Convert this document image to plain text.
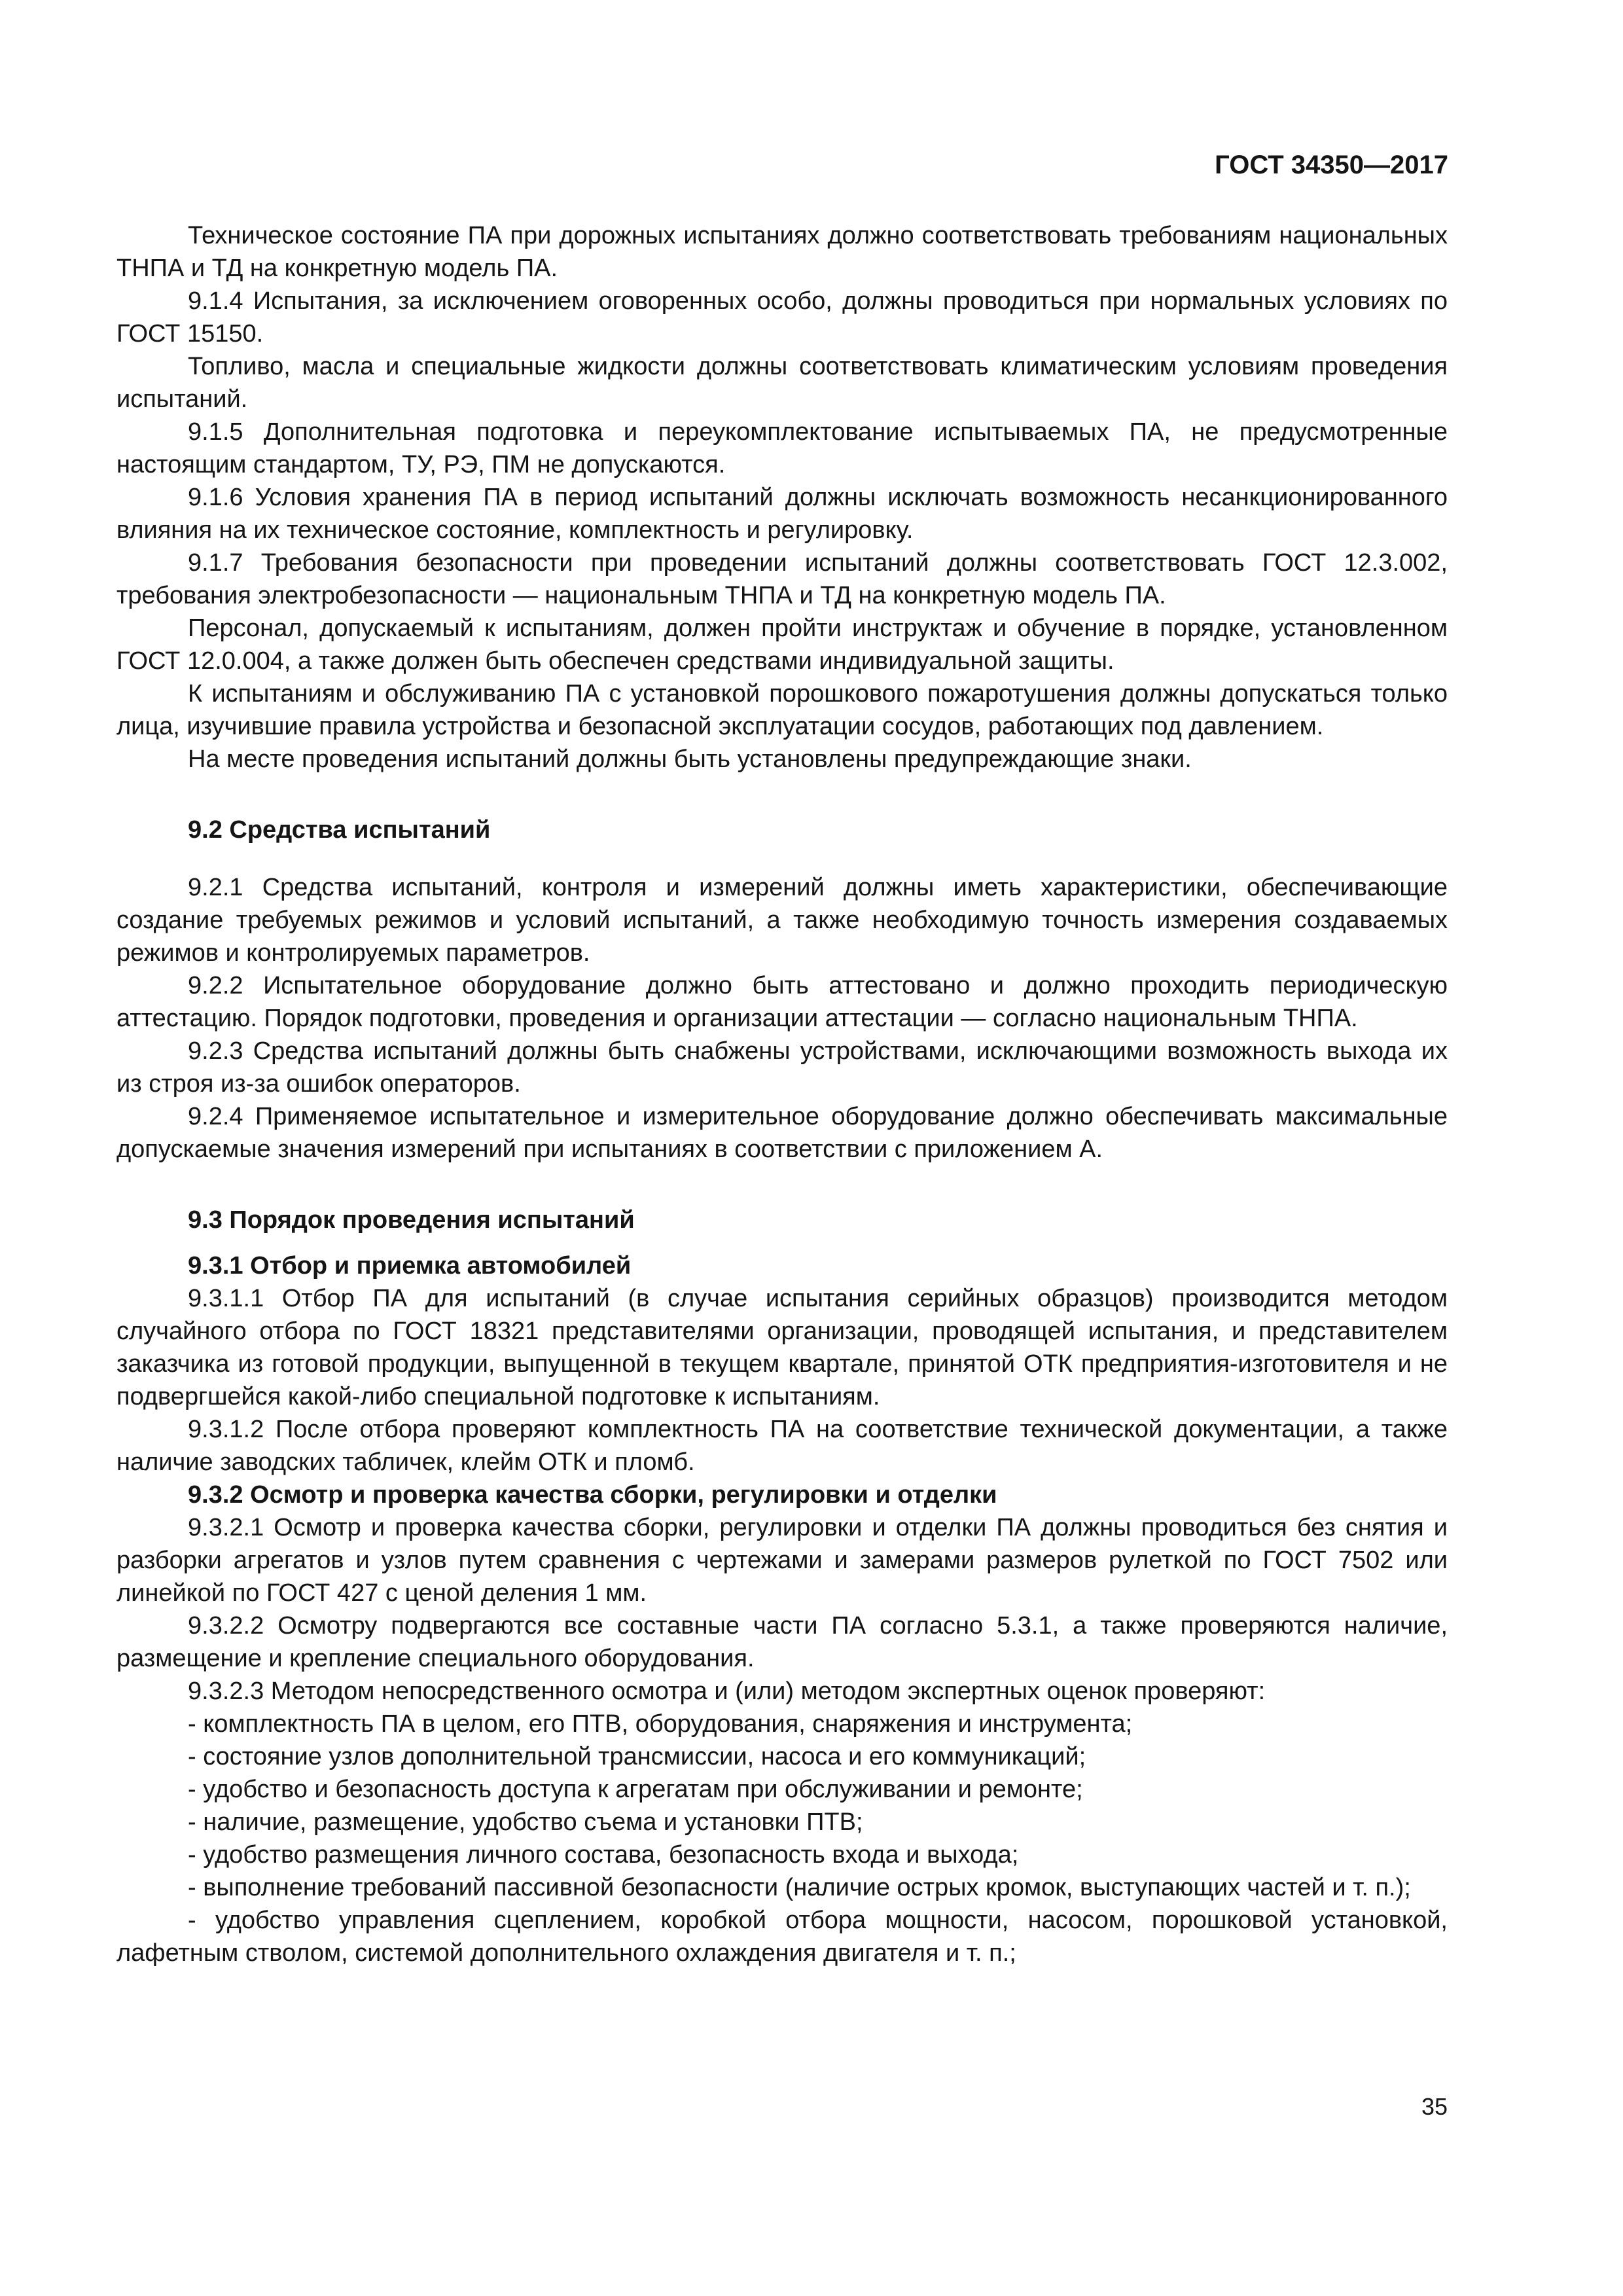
ГОСТ 34350—2017

Техническое состояние ПА при дорожных испытаниях должно соответствовать требованиям национальных ТНПА и ТД на конкретную модель ПА.

9.1.4 Испытания, за исключением оговоренных особо, должны проводиться при нормальных условиях по ГОСТ 15150.

Топливо, масла и специальные жидкости должны соответствовать климатическим условиям проведения испытаний.

9.1.5 Дополнительная подготовка и переукомплектование испытываемых ПА, не предусмотренные настоящим стандартом, ТУ, РЭ, ПМ не допускаются.

9.1.6 Условия хранения ПА в период испытаний должны исключать возможность несанкционированного влияния на их техническое состояние, комплектность и регулировку.

9.1.7 Требования безопасности при проведении испытаний должны соответствовать ГОСТ 12.3.002, требования электробезопасности — национальным ТНПА и ТД на конкретную модель ПА.

Персонал, допускаемый к испытаниям, должен пройти инструктаж и обучение в порядке, установленном ГОСТ 12.0.004, а также должен быть обеспечен средствами индивидуальной защиты.

К испытаниям и обслуживанию ПА с установкой порошкового пожаротушения должны допускаться только лица, изучившие правила устройства и безопасной эксплуатации сосудов, работающих под давлением.

На месте проведения испытаний должны быть установлены предупреждающие знаки.

9.2 Средства испытаний

9.2.1 Средства испытаний, контроля и измерений должны иметь характеристики, обеспечивающие создание требуемых режимов и условий испытаний, а также необходимую точность измерения создаваемых режимов и контролируемых параметров.

9.2.2 Испытательное оборудование должно быть аттестовано и должно проходить периодическую аттестацию. Порядок подготовки, проведения и организации аттестации — согласно национальным ТНПА.

9.2.3 Средства испытаний должны быть снабжены устройствами, исключающими возможность выхода их из строя из-за ошибок операторов.

9.2.4 Применяемое испытательное и измерительное оборудование должно обеспечивать максимальные допускаемые значения измерений при испытаниях в соответствии с приложением А.

9.3 Порядок проведения испытаний

9.3.1 Отбор и приемка автомобилей

9.3.1.1 Отбор ПА для испытаний (в случае испытания серийных образцов) производится методом случайного отбора по ГОСТ 18321 представителями организации, проводящей испытания, и представителем заказчика из готовой продукции, выпущенной в текущем квартале, принятой ОТК предприятия-изготовителя и не подвергшейся какой-либо специальной подготовке к испытаниям.

9.3.1.2 После отбора проверяют комплектность ПА на соответствие технической документации, а также наличие заводских табличек, клейм ОТК и пломб.

9.3.2 Осмотр и проверка качества сборки, регулировки и отделки

9.3.2.1 Осмотр и проверка качества сборки, регулировки и отделки ПА должны проводиться без снятия и разборки агрегатов и узлов путем сравнения с чертежами и замерами размеров рулеткой по ГОСТ 7502 или линейкой по ГОСТ 427 с ценой деления 1 мм.

9.3.2.2 Осмотру подвергаются все составные части ПА согласно 5.3.1, а также проверяются наличие, размещение и крепление специального оборудования.

9.3.2.3 Методом непосредственного осмотра и (или) методом экспертных оценок проверяют:

- комплектность ПА в целом, его ПТВ, оборудования, снаряжения и инструмента;

- состояние узлов дополнительной трансмиссии, насоса и его коммуникаций;

- удобство и безопасность доступа к агрегатам при обслуживании и ремонте;

- наличие, размещение, удобство съема и установки ПТВ;

- удобство размещения личного состава, безопасность входа и выхода;

- выполнение требований пассивной безопасности (наличие острых кромок, выступающих частей и т. п.);

- удобство управления сцеплением, коробкой отбора мощности, насосом, порошковой установкой, лафетным стволом, системой дополнительного охлаждения двигателя и т. п.;

35
